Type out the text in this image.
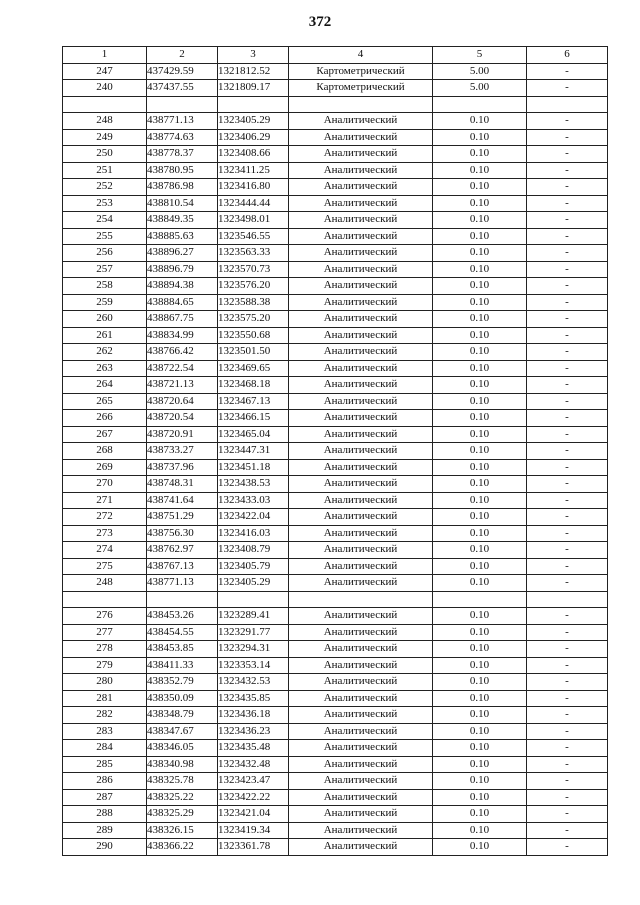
372
1	2	3	4	5	6
247	437429.59	1321812.52	Картометрический	5.00	-
240	437437.55	1321809.17	Картометрический	5.00	-

248	438771.13	1323405.29	Аналитический	0.10	-
249	438774.63	1323406.29	Аналитический	0.10	-
250	438778.37	1323408.66	Аналитический	0.10	-
251	438780.95	1323411.25	Аналитический	0.10	-
252	438786.98	1323416.80	Аналитический	0.10	-
253	438810.54	1323444.44	Аналитический	0.10	-
254	438849.35	1323498.01	Аналитический	0.10	-
255	438885.63	1323546.55	Аналитический	0.10	-
256	438896.27	1323563.33	Аналитический	0.10	-
257	438896.79	1323570.73	Аналитический	0.10	-
258	438894.38	1323576.20	Аналитический	0.10	-
259	438884.65	1323588.38	Аналитический	0.10	-
260	438867.75	1323575.20	Аналитический	0.10	-
261	438834.99	1323550.68	Аналитический	0.10	-
262	438766.42	1323501.50	Аналитический	0.10	-
263	438722.54	1323469.65	Аналитический	0.10	-
264	438721.13	1323468.18	Аналитический	0.10	-
265	438720.64	1323467.13	Аналитический	0.10	-
266	438720.54	1323466.15	Аналитический	0.10	-
267	438720.91	1323465.04	Аналитический	0.10	-
268	438733.27	1323447.31	Аналитический	0.10	-
269	438737.96	1323451.18	Аналитический	0.10	-
270	438748.31	1323438.53	Аналитический	0.10	-
271	438741.64	1323433.03	Аналитический	0.10	-
272	438751.29	1323422.04	Аналитический	0.10	-
273	438756.30	1323416.03	Аналитический	0.10	-
274	438762.97	1323408.79	Аналитический	0.10	-
275	438767.13	1323405.79	Аналитический	0.10	-
248	438771.13	1323405.29	Аналитический	0.10	-

276	438453.26	1323289.41	Аналитический	0.10	-
277	438454.55	1323291.77	Аналитический	0.10	-
278	438453.85	1323294.31	Аналитический	0.10	-
279	438411.33	1323353.14	Аналитический	0.10	-
280	438352.79	1323432.53	Аналитический	0.10	-
281	438350.09	1323435.85	Аналитический	0.10	-
282	438348.79	1323436.18	Аналитический	0.10	-
283	438347.67	1323436.23	Аналитический	0.10	-
284	438346.05	1323435.48	Аналитический	0.10	-
285	438340.98	1323432.48	Аналитический	0.10	-
286	438325.78	1323423.47	Аналитический	0.10	-
287	438325.22	1323422.22	Аналитический	0.10	-
288	438325.29	1323421.04	Аналитический	0.10	-
289	438326.15	1323419.34	Аналитический	0.10	-
290	438366.22	1323361.78	Аналитический	0.10	-
